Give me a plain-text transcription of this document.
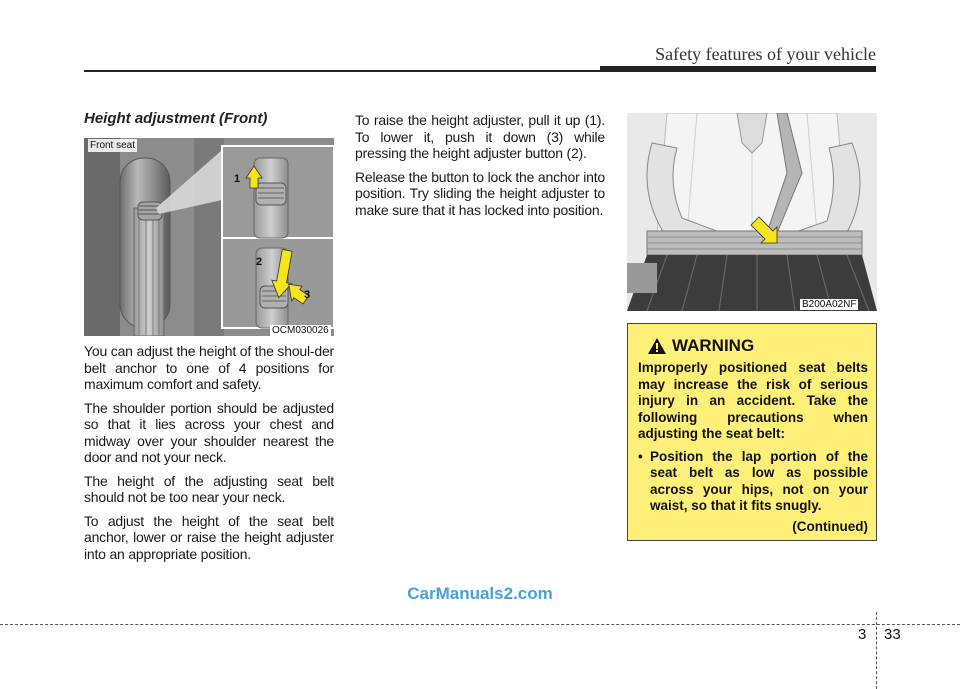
Safety features of your vehicle
Height adjustment (Front)
1
2
3
Front seat
OCM030026

You can adjust the height of the shoul-der belt anchor to one of 4 positions for maximum comfort and safety.

The shoulder portion should be adjusted so that it lies across your chest and midway over your shoulder nearest the door and not your neck.

The height of the adjusting seat belt should not be too near your neck.

To adjust the height of the seat belt anchor, lower or raise the height adjuster into an appropriate position.

To raise the height adjuster, pull it up (1). To lower it, push it down (3) while pressing the height adjuster button (2).

Release the button to lock the anchor into position. Try sliding the height adjuster to make sure that it has locked into position.

B200A02NF
WARNING
Improperly positioned seat belts may increase the risk of serious injury in an accident. Take the following precautions when adjusting the seat belt:
• Position the lap portion of the seat belt as low as possible across your hips, not on your waist, so that it fits snugly.
(Continued)
CarManuals2.com
3 33
